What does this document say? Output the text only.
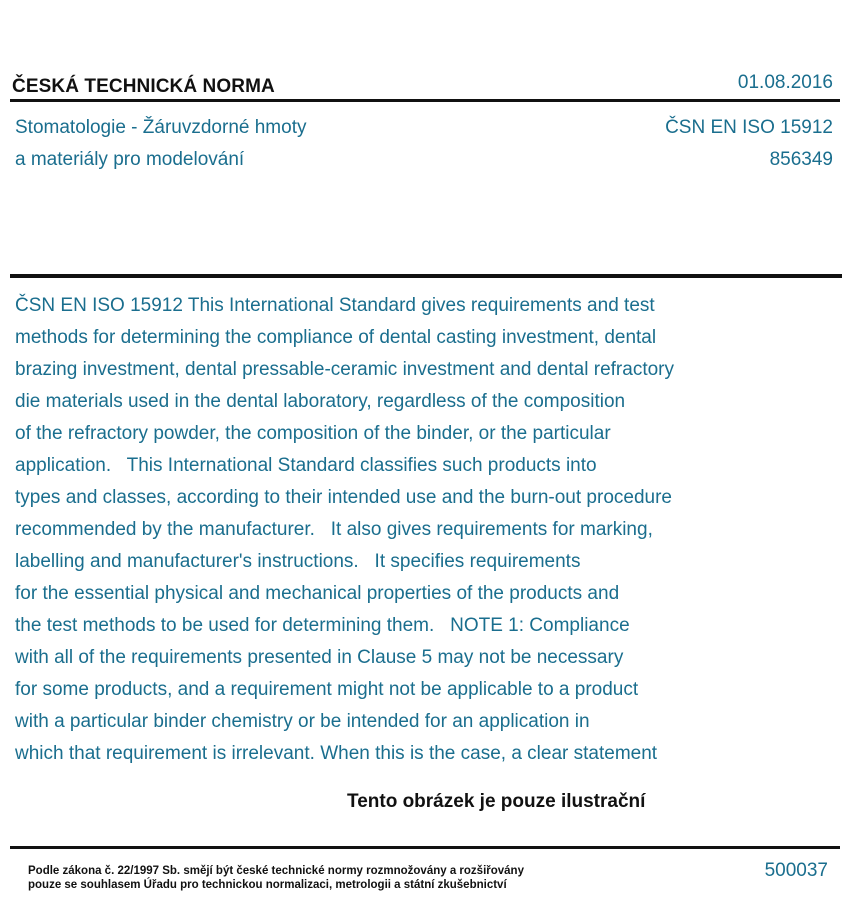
ČESKÁ TECHNICKÁ NORMA	01.08.2016
Stomatologie - Žáruvzdorné hmoty
a materiály pro modelování
ČSN EN ISO 15912
856349

ČSN EN ISO 15912 This International Standard gives requirements and test
methods for determining the compliance of dental casting investment, dental
brazing investment, dental pressable-ceramic investment and dental refractory
die materials used in the dental laboratory, regardless of the composition
of the refractory powder, the composition of the binder, or the particular
application.   This International Standard classifies such products into
types and classes, according to their intended use and the burn-out procedure
recommended by the manufacturer.   It also gives requirements for marking,
labelling and manufacturer's instructions.   It specifies requirements
for the essential physical and mechanical properties of the products and
the test methods to be used for determining them.   NOTE 1: Compliance
with all of the requirements presented in Clause 5 may not be necessary
for some products, and a requirement might not be applicable to a product
with a particular binder chemistry or be intended for an application in
which that requirement is irrelevant. When this is the case, a clear statement

Tento obrázek je pouze ilustrační
Podle zákona č. 22/1997 Sb. smějí být české technické normy rozmnožovány a rozšiřovány
pouze se souhlasem Úřadu pro technickou normalizaci, metrologii a státní zkušebnictví
500037
